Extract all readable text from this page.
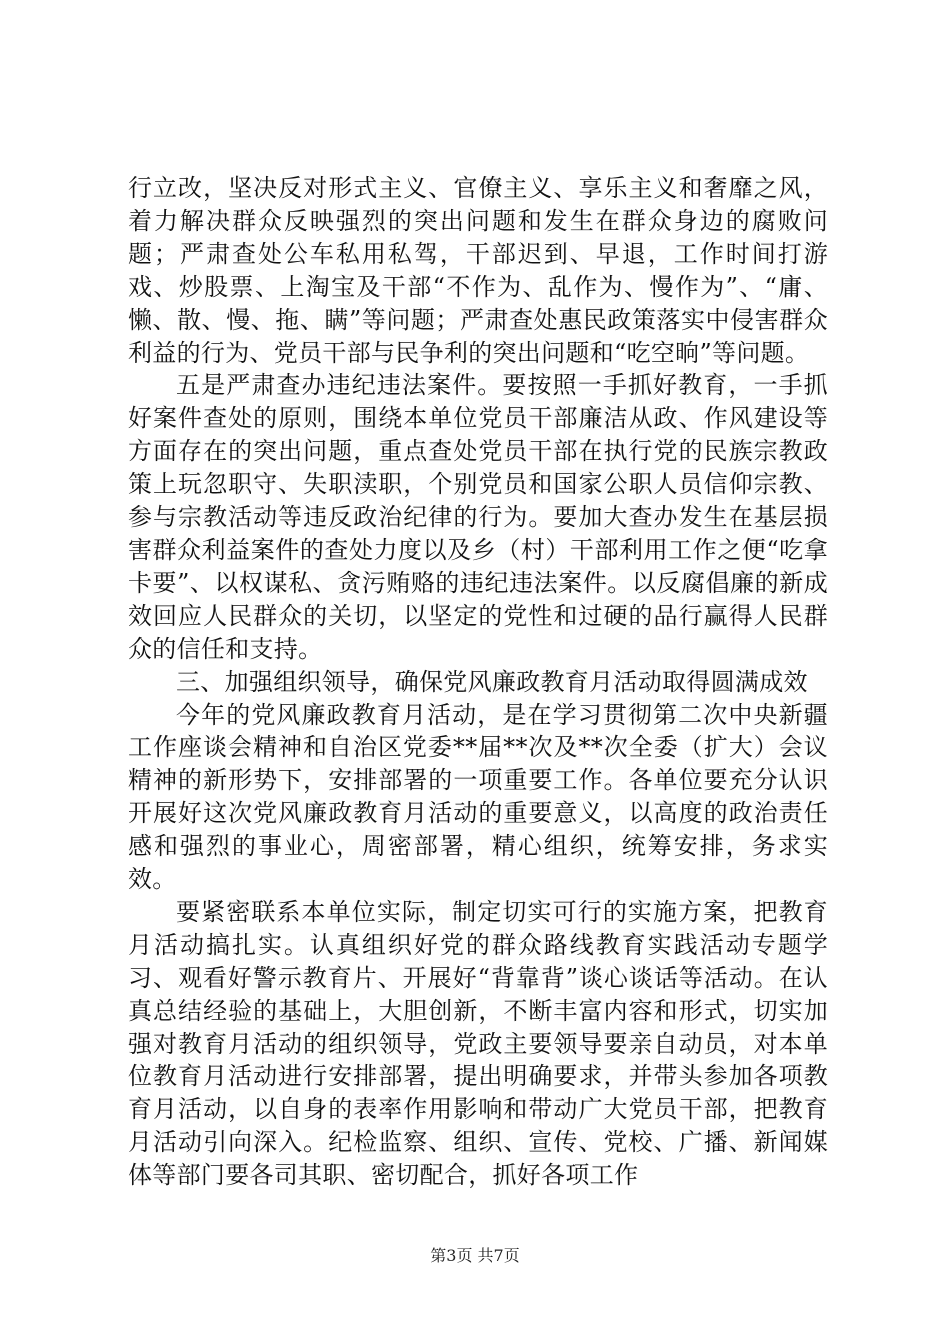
行立改，坚决反对形式主义、官僚主义、享乐主义和奢靡之风，着力解决群众反映强烈的突出问题和发生在群众身边的腐败问题；严肃查处公车私用私驾，干部迟到、早退，工作时间打游戏、炒股票、上淘宝及干部“不作为、乱作为、慢作为”、“庸、懒、散、慢、拖、瞒”等问题；严肃查处惠民政策落实中侵害群众利益的行为、党员干部与民争利的突出问题和“吃空晌”等问题。

五是严肃查办违纪违法案件。要按照一手抓好教育，一手抓好案件查处的原则，围绕本单位党员干部廉洁从政、作风建设等方面存在的突出问题，重点查处党员干部在执行党的民族宗教政策上玩忽职守、失职渎职，个别党员和国家公职人员信仰宗教、参与宗教活动等违反政治纪律的行为。要加大查办发生在基层损害群众利益案件的查处力度以及乡（村）干部利用工作之便“吃拿卡要”、以权谋私、贪污贿赂的违纪违法案件。以反腐倡廉的新成效回应人民群众的关切，以坚定的党性和过硬的品行赢得人民群众的信任和支持。

三、加强组织领导，确保党风廉政教育月活动取得圆满成效

今年的党风廉政教育月活动，是在学习贯彻第二次中央新疆工作座谈会精神和自治区党委**届**次及**次全委（扩大）会议精神的新形势下，安排部署的一项重要工作。各单位要充分认识开展好这次党风廉政教育月活动的重要意义，以高度的政治责任感和强烈的事业心，周密部署，精心组织，统筹安排，务求实效。

要紧密联系本单位实际，制定切实可行的实施方案，把教育月活动搞扎实。认真组织好党的群众路线教育实践活动专题学习、观看好警示教育片、开展好“背靠背”谈心谈话等活动。在认真总结经验的基础上，大胆创新，不断丰富内容和形式，切实加强对教育月活动的组织领导，党政主要领导要亲自动员，对本单位教育月活动进行安排部署，提出明确要求，并带头参加各项教育月活动，以自身的表率作用影响和带动广大党员干部，把教育月活动引向深入。纪检监察、组织、宣传、党校、广播、新闻媒体等部门要各司其职、密切配合，抓好各项工作

第3页 共7页
